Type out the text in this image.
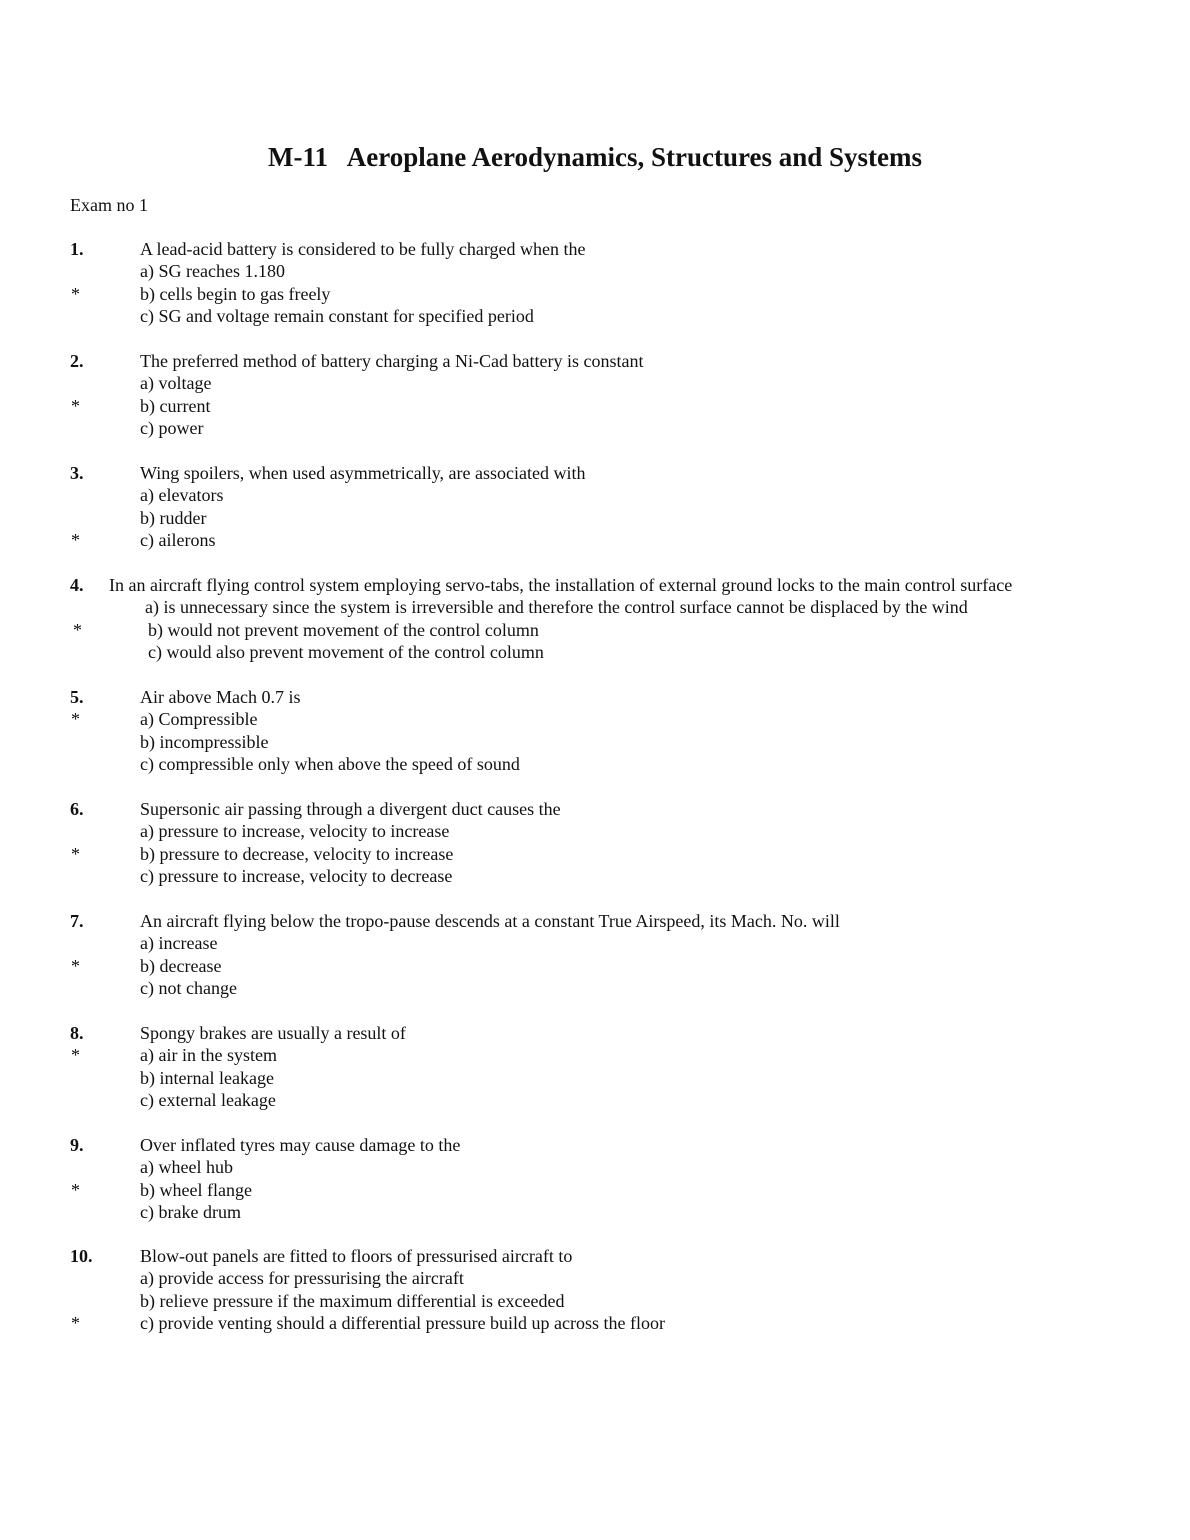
M-11   Aeroplane Aerodynamics, Structures and Systems
Exam no 1
1.	A lead-acid battery is considered to be fully charged when the
a) SG reaches 1.180
*	b) cells begin to gas freely
c) SG and voltage remain constant for specified period
2.	The preferred method of battery charging a Ni-Cad battery is constant
a) voltage
*	b) current
c) power
3.	Wing spoilers, when used asymmetrically, are associated with
a) elevators
b) rudder
*	c) ailerons
4. In an aircraft flying control system employing servo-tabs, the installation of external ground locks to the main control surface
a) is unnecessary since the system is irreversible and therefore the control surface cannot be displaced by the wind
*	b) would not prevent movement of the control column
c) would also prevent movement of the control column
5.	Air above Mach 0.7 is
*	a) Compressible
b) incompressible
c) compressible only when above the speed of sound
6.	Supersonic air passing through a divergent duct causes the
a) pressure to increase, velocity to increase
*	b) pressure to decrease, velocity to increase
c) pressure to increase, velocity to decrease
7.	An aircraft flying below the tropo-pause descends at a constant True Airspeed, its Mach. No. will
a) increase
*	b) decrease
c) not change
8.	Spongy brakes are usually a result of
*	a) air in the system
b) internal leakage
c) external leakage
9.	Over inflated tyres may cause damage to the
a) wheel hub
*	b) wheel flange
c) brake drum
10.	Blow-out panels are fitted to floors of pressurised aircraft to
a) provide access for pressurising the aircraft
b) relieve pressure if the maximum differential is exceeded
*	c) provide venting should a differential pressure build up across the floor
